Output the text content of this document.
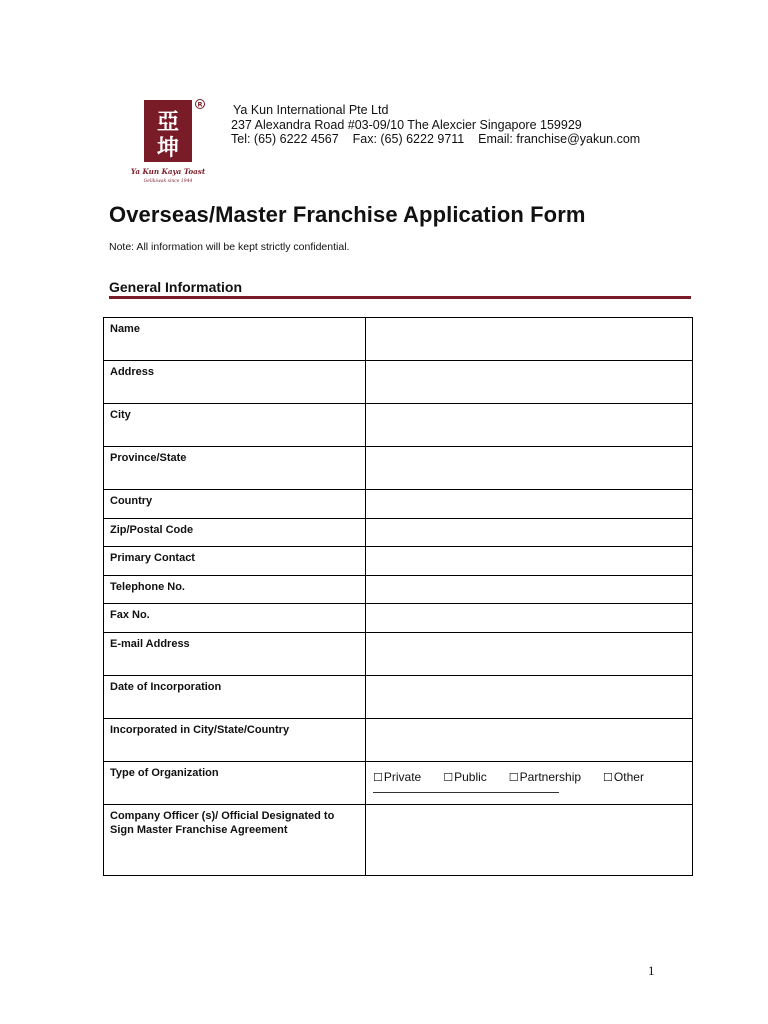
亞
坤
R
Ya Kun Kaya Toast
Gelikiwak since 1944
Ya Kun International Pte Ltd
237 Alexandra Road #03-09/10 The Alexcier Singapore 159929
Tel: (65) 6222 4567    Fax: (65) 6222 9711    Email: franchise@yakun.com
Overseas/Master Franchise Application Form
Note: All information will be kept strictly confidential.
General Information
Name	
Address	
City	
Province/State	
Country	
Zip/Postal Code	
Primary Contact	
Telephone No.	
Fax No.	
E-mail Address	
Date of Incorporation	
Incorporated in City/State/Country	
Type of Organization	☐Private ☐Public ☐Partnership ☐Other

Company Officer (s)/ Official Designated to Sign Master Franchise Agreement	
1
